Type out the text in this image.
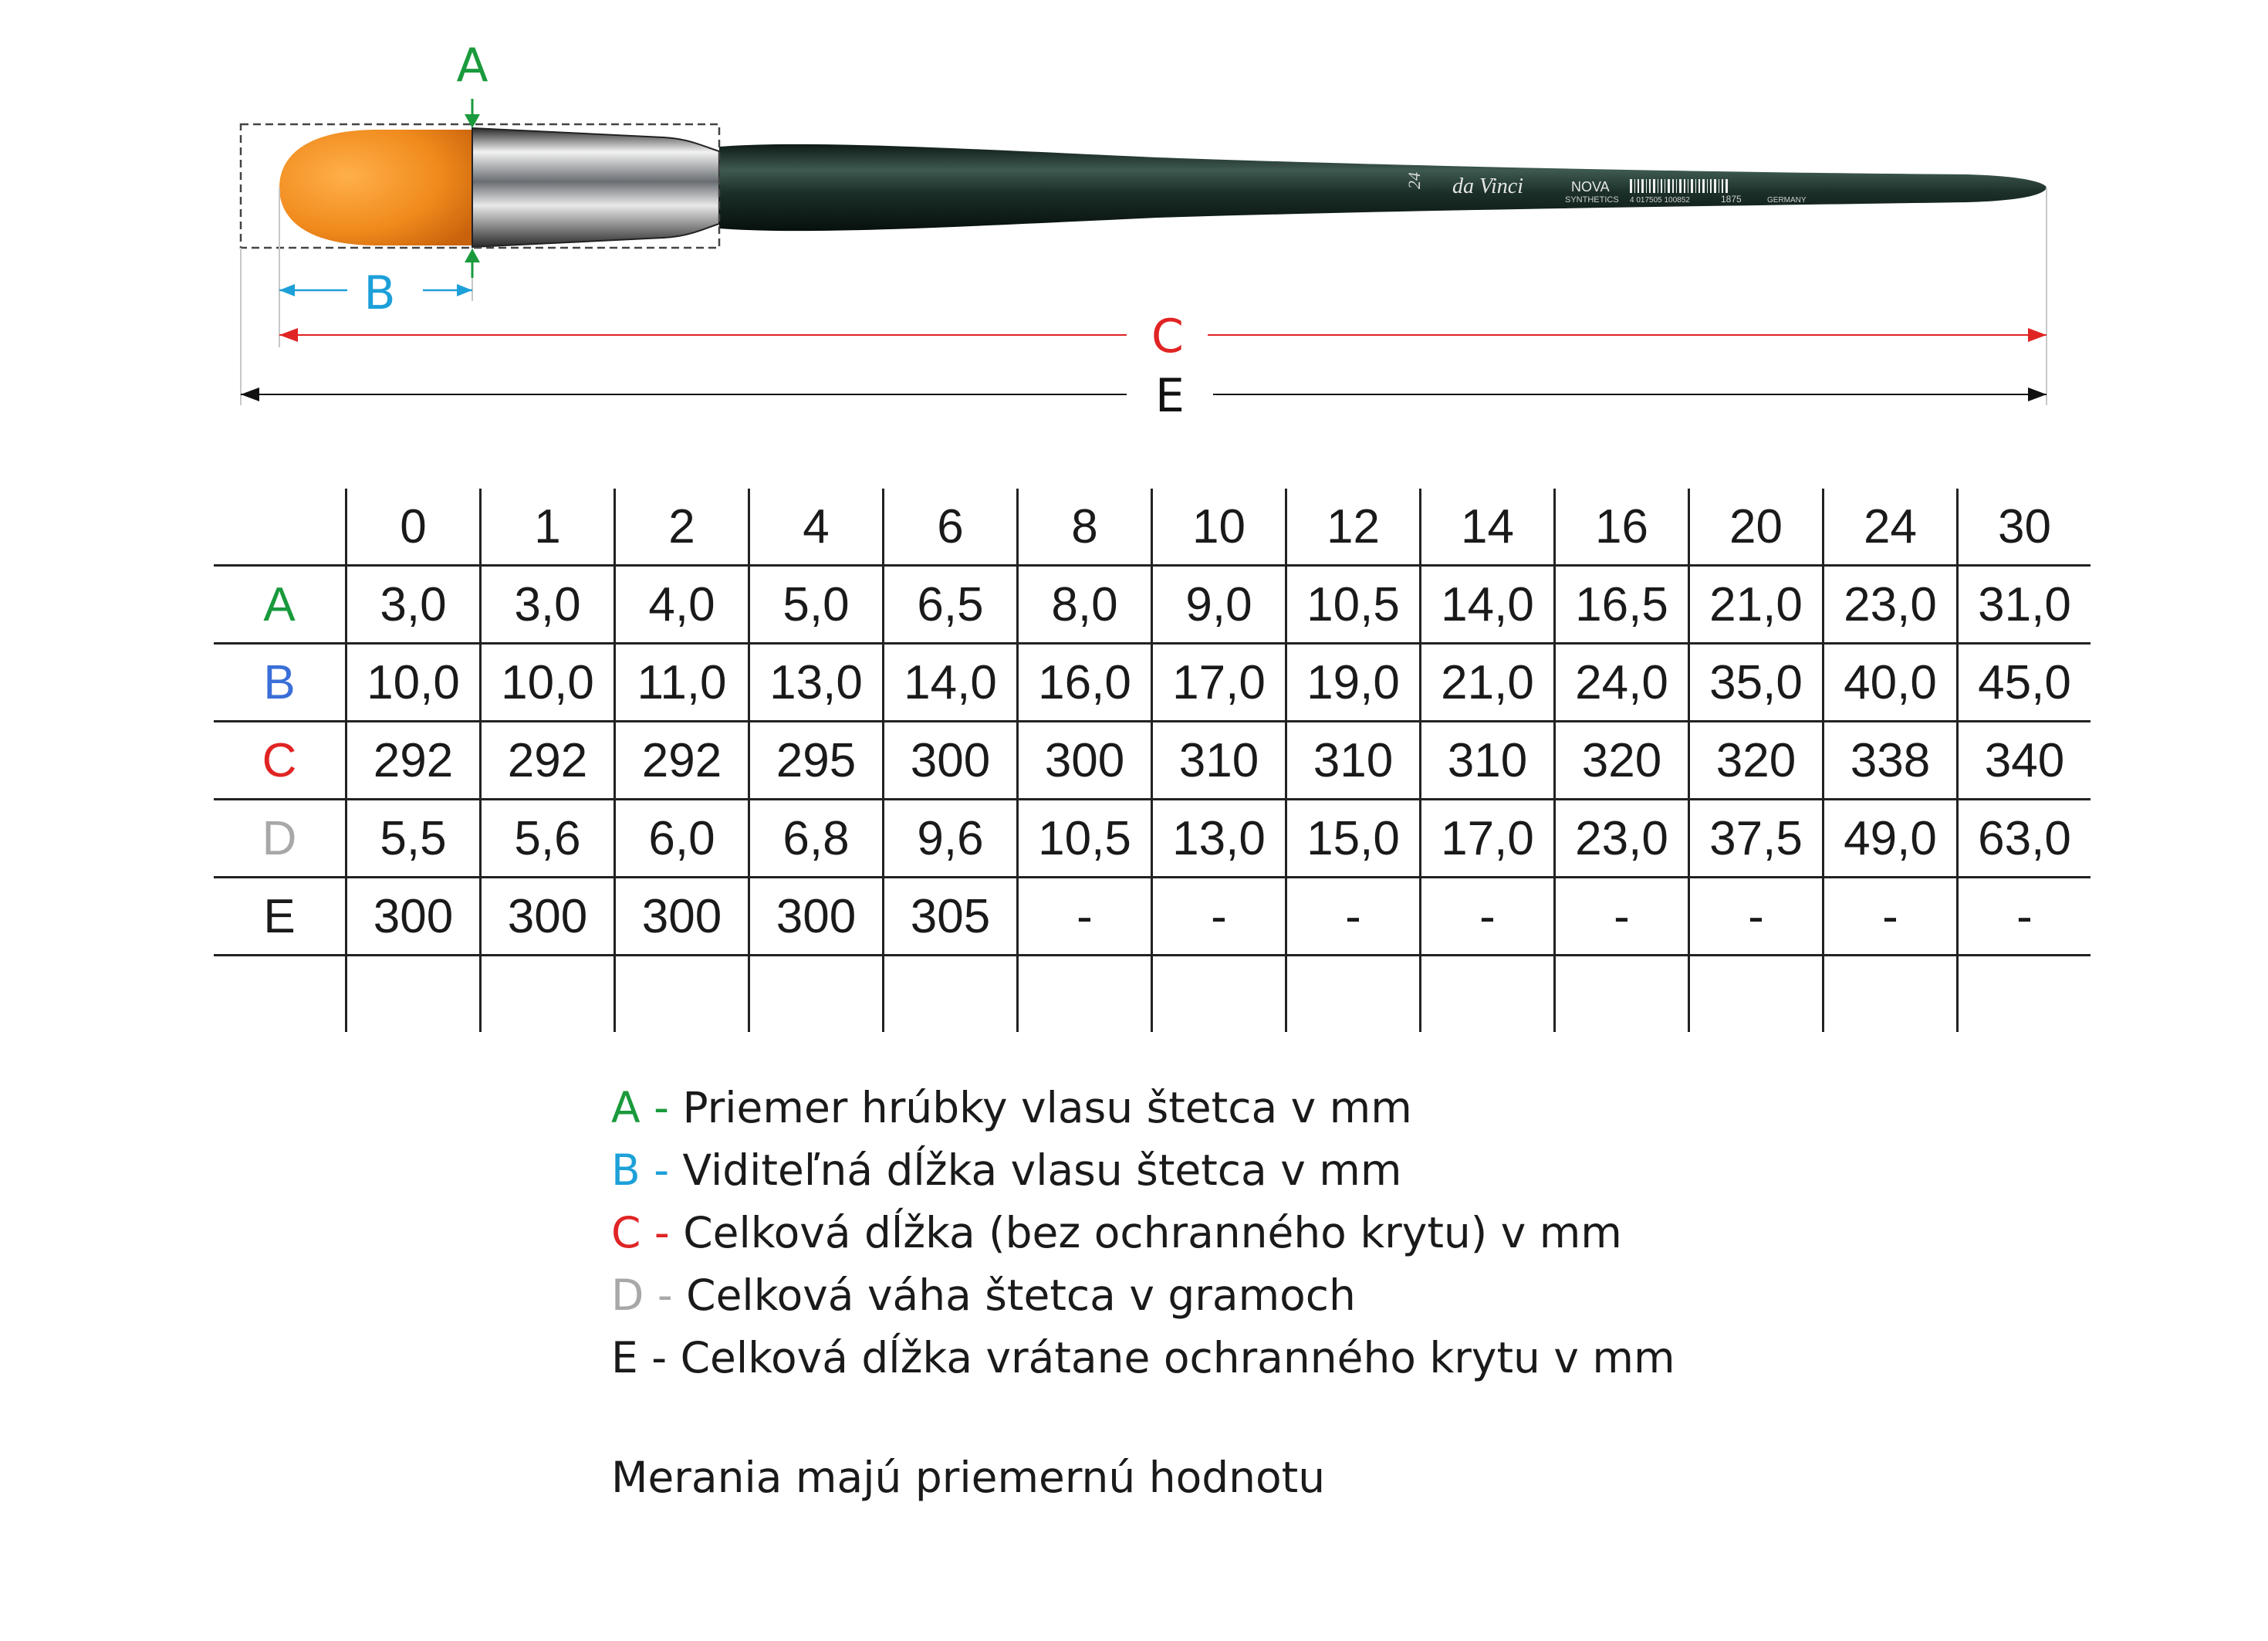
24 da Vinci	NOVA
SYNTHETICS 4 017505 100852	1875	GERMANY
A
B
C
E
	0	1	2	4	6	8	10	12	14	16	20	24	30
A	3,0	3,0	4,0	5,0	6,5	8,0	9,0	10,5	14,0	16,5	21,0	23,0	31,0
B	10,0	10,0	11,0	13,0	14,0	16,0	17,0	19,0	21,0	24,0	35,0	40,0	45,0
C	292	292	292	295	300	300	310	310	310	320	320	338	340
D	5,5	5,6	6,0	6,8	9,6	10,5	13,0	15,0	17,0	23,0	37,5	49,0	63,0
E	300	300	300	300	305	-	-	-	-	-	-	-	-

A - Priemer hrúbky vlasu štetca v mm
B - Viditeľná dĺžka vlasu štetca v mm
C - Celková dĺžka (bez ochranného krytu) v mm
D - Celková váha štetca v gramoch
E - Celková dĺžka vrátane ochranného krytu v mm
Merania majú priemernú hodnotu
